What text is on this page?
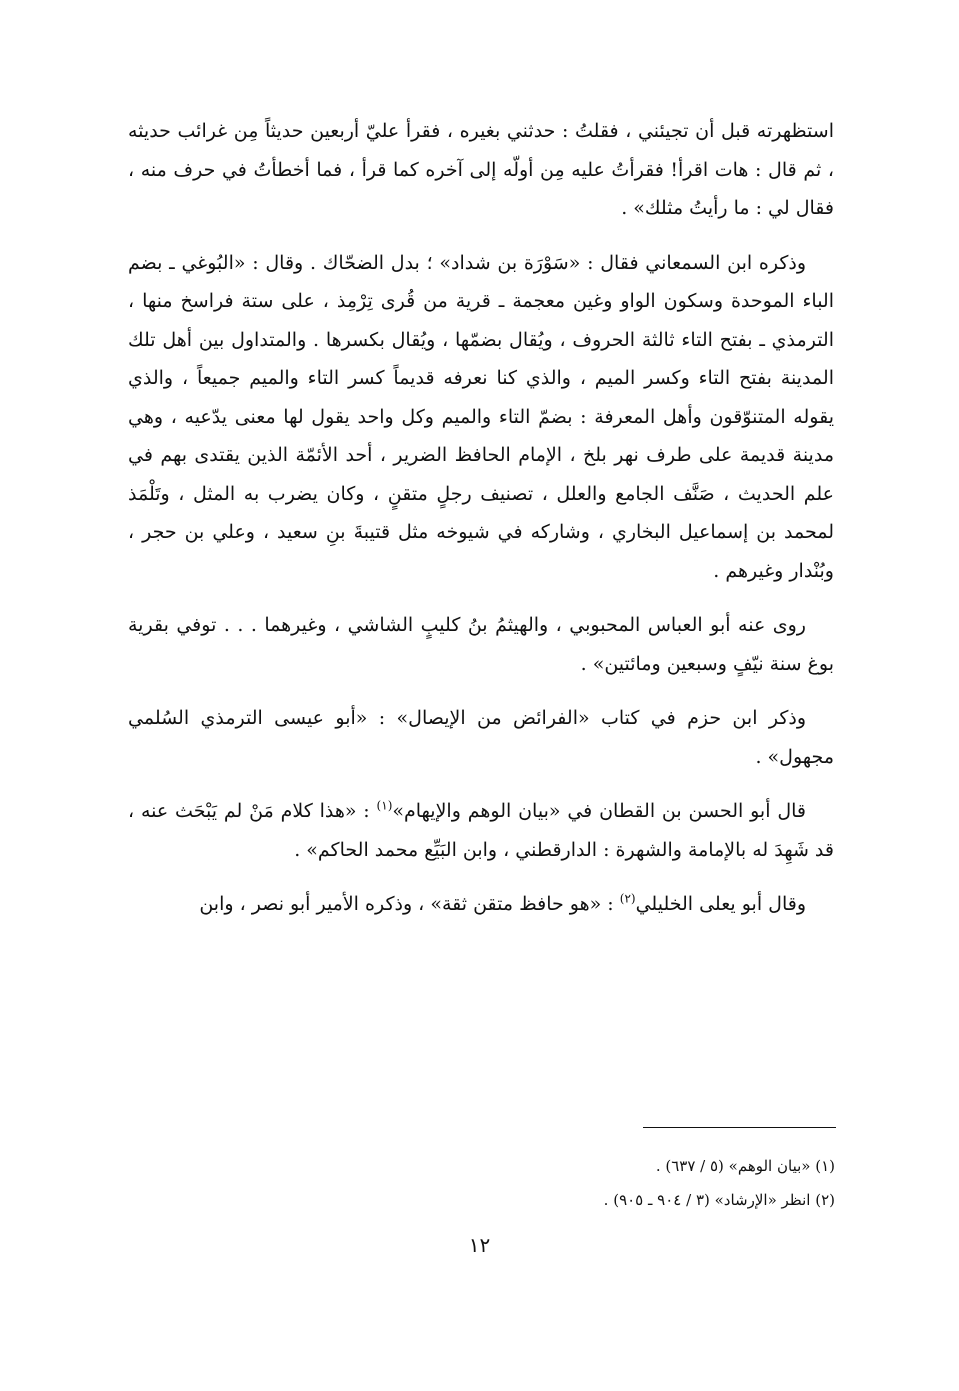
استظهرته قبل أن تجيئني ، فقلتُ : حدثني بغيره ، فقرأ عليّ أربعين حديثاً مِن غرائب حديثه ، ثم قال : هات اقرأ! فقرأتُ عليه مِن أولّه إلى آخره كما قرأ ، فما أخطأتُ في حرف منه ، فقال لي : ما رأيتُ مثلك» .

وذكره ابن السمعاني فقال : «سَوْرَة بن شداد» ؛ بدل الضحّاك . وقال : «البُوغي ـ بضم الباء الموحدة وسكون الواو وغين معجمة ـ قرية من قُرى تِرْمِذ ، على ستة فراسخ منها ، الترمذي ـ بفتح التاء ثالثة الحروف ، ويُقال بضمّها ، ويُقال بكسرها . والمتداول بين أهل تلك المدينة بفتح التاء وكسر الميم ، والذي كنا نعرفه قديماً كسر التاء والميم جميعاً ، والذي يقوله المتنوّقون وأهل المعرفة : بضمّ التاء والميم وكل واحد يقول لها معنى يدّعيه ، وهي مدينة قديمة على طرف نهر بلخ ، الإمام الحافظ الضرير ، أحد الأئمّة الذين يقتدى بهم في علم الحديث ، صَنَّف الجامع والعلل ، تصنيف رجلٍ متقنٍ ، وكان يضرب به المثل ، وتَلْمَذ لمحمد بن إسماعيل البخاري ، وشاركه في شيوخه مثل قتيبةَ بنِ سعيد ، وعلي بن حجر ، وبُنْدار وغيرهم .

روى عنه أبو العباس المحبوبي ، والهيثمُ بنُ كليبٍ الشاشي ، وغيرهما . . . توفي بقرية بوغ سنة نيّفٍ وسبعين ومائتين» .

وذكر ابن حزم في كتاب «الفرائض من الإيصال» : «أبو عيسى الترمذي السُلمي مجهول» .

قال أبو الحسن بن القطان في «بيان الوهم والإيهام»$^{(١)}$ : «هذا كلام مَنْ لم يَبْحَث عنه ، قد شَهِدَ له بالإمامة والشهرة : الدارقطني ، وابن البَيِّع محمد الحاكم» .

وقال أبو يعلى الخليلي$^{(٢)}$ : «هو حافظ متقن ثقة» ، وذكره الأمير أبو نصر ، وابن

(١) «بيان الوهم» (٥ / ٦٣٧) .
(٢) انظر «الإرشاد» (٣ / ٩٠٤ ـ ٩٠٥) .
١٢
